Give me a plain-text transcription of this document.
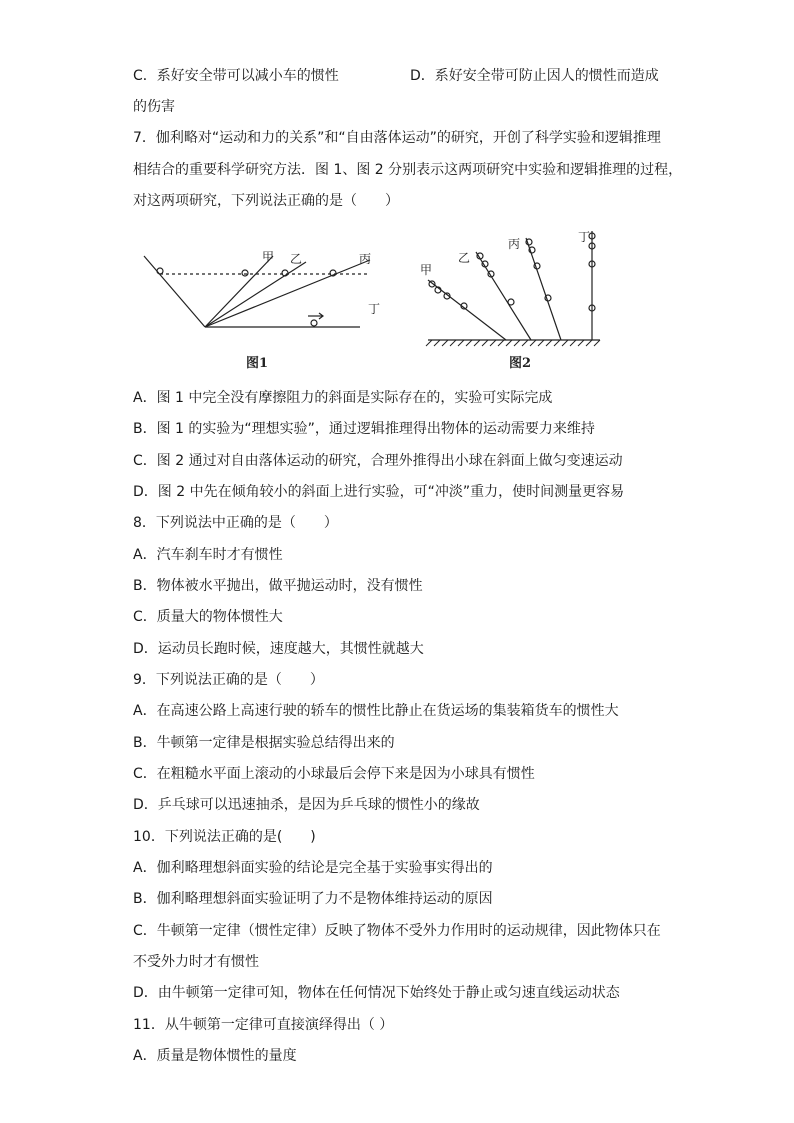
C．系好安全带可以减小车的惯性	D．系好安全带可防止因人的惯性而造成
的伤害
7．伽利略对“运动和力的关系”和“自由落体运动”的研究，开创了科学实验和逻辑推理
相结合的重要科学研究方法．图 1、图 2 分别表示这两项研究中实验和逻辑推理的过程，
对这两项研究，下列说法正确的是（　　）
甲 乙	丙
丁
图1
甲
乙
丙	丁
图2
A．图 1 中完全没有摩擦阻力的斜面是实际存在的，实验可实际完成
B．图 1 的实验为“理想实验”，通过逻辑推理得出物体的运动需要力来维持
C．图 2 通过对自由落体运动的研究，合理外推得出小球在斜面上做匀变速运动
D．图 2 中先在倾角较小的斜面上进行实验，可“冲淡”重力，使时间测量更容易
8．下列说法中正确的是（　　）
A．汽车刹车时才有惯性
B．物体被水平抛出，做平抛运动时，没有惯性
C．质量大的物体惯性大
D．运动员长跑时候，速度越大，其惯性就越大
9．下列说法正确的是（　　）
A．在高速公路上高速行驶的轿车的惯性比静止在货运场的集装箱货车的惯性大
B．牛顿第一定律是根据实验总结得出来的
C．在粗糙水平面上滚动的小球最后会停下来是因为小球具有惯性
D．乒乓球可以迅速抽杀，是因为乒乓球的惯性小的缘故
10．下列说法正确的是(　　)
A．伽利略理想斜面实验的结论是完全基于实验事实得出的
B．伽利略理想斜面实验证明了力不是物体维持运动的原因
C．牛顿第一定律（惯性定律）反映了物体不受外力作用时的运动规律，因此物体只在
不受外力时才有惯性
D．由牛顿第一定律可知，物体在任何情况下始终处于静止或匀速直线运动状态
11．从牛顿第一定律可直接演绎得出（ ）
A．质量是物体惯性的量度
